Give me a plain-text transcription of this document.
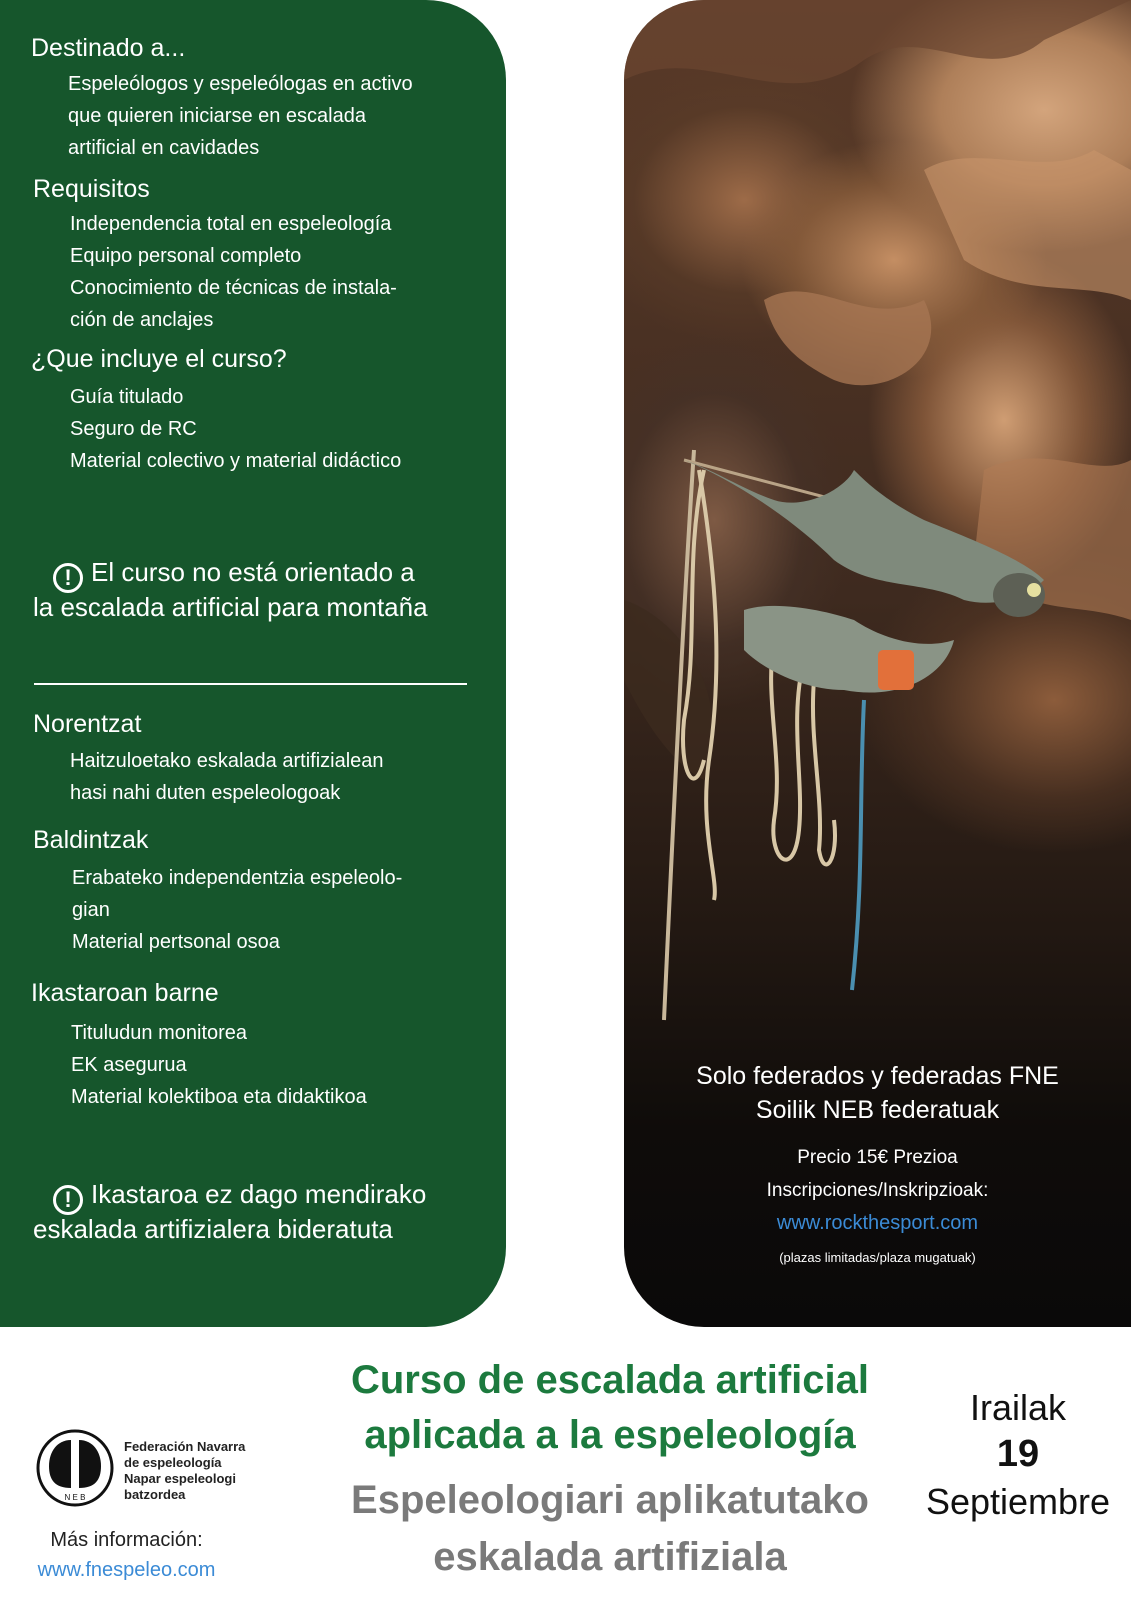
Destinado a...
Espeleólogos y espeleólogas en activo
que quieren iniciarse en escalada
artificial en cavidades
Requisitos
Independencia total en espeleología
Equipo personal completo
Conocimiento de técnicas de instala-
ción de anclajes
¿Que incluye el curso?
Guía titulado
Seguro de RC
Material colectivo y material didáctico
! El curso no está orientado a
la escalada artificial para montaña
Norentzat
Haitzuloetako eskalada artifizialean
hasi nahi duten espeleologoak
Baldintzak
Erabateko independentzia espeleolo-
gian
Material pertsonal osoa
Ikastaroan barne
Tituludun monitorea
EK asegurua
Material kolektiboa eta didaktikoa
! Ikastaroa ez dago mendirako
eskalada artifizialera bideratuta
Solo federados y federadas FNE
Soilik NEB federatuak
Precio 15€ Prezioa
Inscripciones/Inskripzioak:
www.rockthesport.com
(plazas limitadas/plaza mugatuak)
Curso de escalada artificial
aplicada a la espeleología
Espeleologiari aplikatutako
eskalada artifiziala
Irailak
19
Septiembre
N E B
Federación Navarra
de espeleología
Napar espeleologi
batzordea
Más información:
www.fnespeleo.com
